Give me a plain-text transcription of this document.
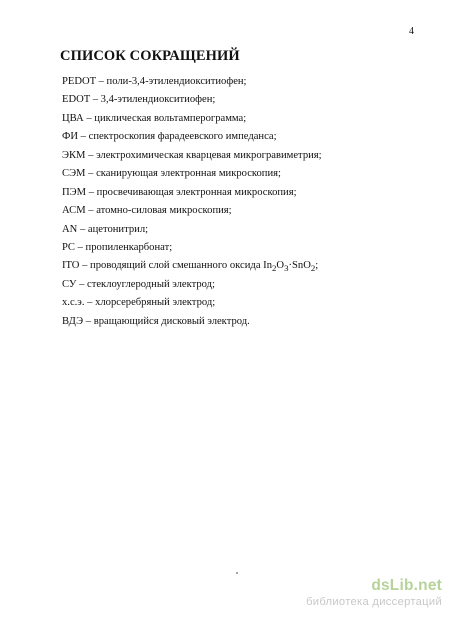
4
СПИСОК СОКРАЩЕНИЙ
PEDOT – поли-3,4-этилендиокситиофен;
EDOT – 3,4-этилендиокситиофен;
ЦВА – циклическая вольтамперограмма;
ФИ – спектроскопия фарадеевского импеданса;
ЭКМ – электрохимическая кварцевая микрогравиметрия;
СЭМ – сканирующая электронная микроскопия;
ПЭМ – просвечивающая электронная микроскопия;
АСМ – атомно-силовая микроскопия;
AN – ацетонитрил;
PC – пропиленкарбонат;
ITO – проводящий слой смешанного оксида $In_2O_3\cdot SnO_2$;
СУ – стеклоуглеродный электрод;
х.с.э. – хлорсеребряный электрод;
ВДЭ – вращающийся дисковый электрод.
dsLib.net
библиотека диссертаций
